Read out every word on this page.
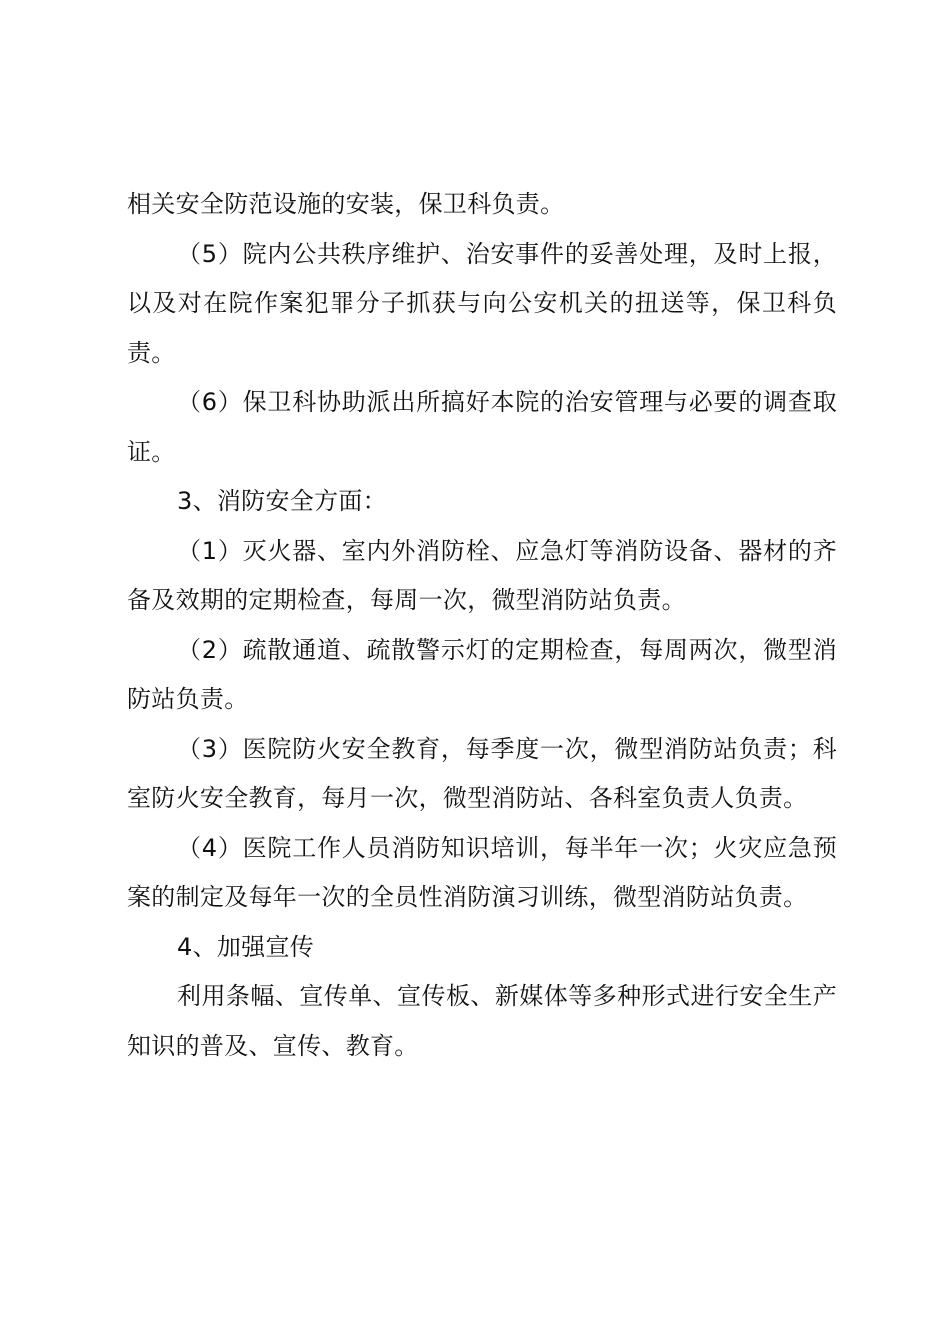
相关安全防范设施的安装，保卫科负责。

（5）院内公共秩序维护、治安事件的妥善处理，及时上报，以及对在院作案犯罪分子抓获与向公安机关的扭送等，保卫科负责。

（6）保卫科协助派出所搞好本院的治安管理与必要的调查取证。

3、消防安全方面：

（1）灭火器、室内外消防栓、应急灯等消防设备、器材的齐备及效期的定期检查，每周一次，微型消防站负责。

（2）疏散通道、疏散警示灯的定期检查，每周两次，微型消防站负责。

（3）医院防火安全教育，每季度一次，微型消防站负责；科室防火安全教育，每月一次，微型消防站、各科室负责人负责。

（4）医院工作人员消防知识培训，每半年一次；火灾应急预案的制定及每年一次的全员性消防演习训练，微型消防站负责。

4、加强宣传

利用条幅、宣传单、宣传板、新媒体等多种形式进行安全生产知识的普及、宣传、教育。
